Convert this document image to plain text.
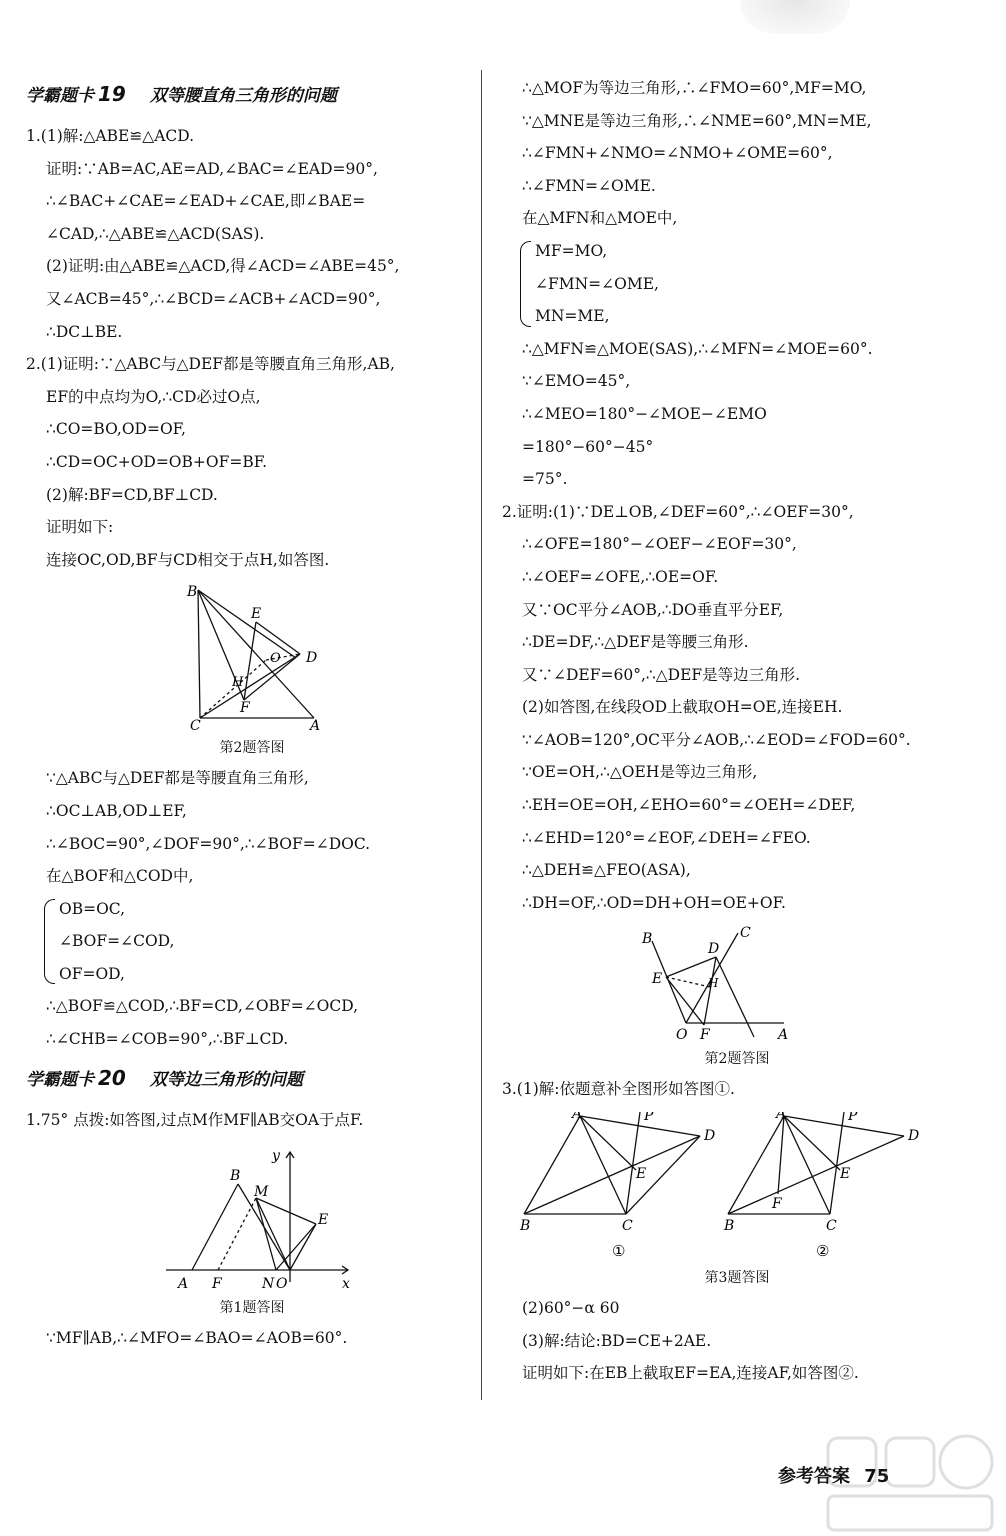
学霸题卡 19 双等腰直角三角形的问题
1.(1)解:△ABE≌△ACD.
证明:∵AB=AC,AE=AD,∠BAC=∠EAD=90°,
∴∠BAC+∠CAE=∠EAD+∠CAE,即∠BAE=
∠CAD,∴△ABE≌△ACD(SAS).
(2)证明:由△ABE≌△ACD,得∠ACD=∠ABE=45°,
又∠ACB=45°,∴∠BCD=∠ACB+∠ACD=90°,
∴DC⊥BE.
2.(1)证明:∵△ABC与△DEF都是等腰直角三角形,AB,
EF的中点均为O,∴CD必过O点,
∴CO=BO,OD=OF,
∴CD=OC+OD=OB+OF=BF.
(2)解:BF=CD,BF⊥CD.
证明如下:
连接OC,OD,BF与CD相交于点H,如答图.
B
E
D
O
H
F
C	A
第2题答图
∵△ABC与△DEF都是等腰直角三角形,
∴OC⊥AB,OD⊥EF,
∴∠BOC=90°,∠DOF=90°,∴∠BOF=∠DOC.
在△BOF和△COD中,
OB=OC,
∠BOF=∠COD,
OF=OD,
∴△BOF≌△COD,∴BF=CD,∠OBF=∠OCD,
∴∠CHB=∠COB=90°,∴BF⊥CD.
学霸题卡 20 双等边三角形的问题
1.75° 点拨:如答图,过点M作MF∥AB交OA于点F.
y
B
M
E
A F	N O	x
第1题答图
∵MF∥AB,∴∠MFO=∠BAO=∠AOB=60°.
∴△MOF为等边三角形,∴∠FMO=60°,MF=MO,
∵△MNE是等边三角形,∴∠NME=60°,MN=ME,
∴∠FMN+∠NMO=∠NMO+∠OME=60°,
∴∠FMN=∠OME.
在△MFN和△MOE中,
MF=MO,
∠FMN=∠OME,
MN=ME,
∴△MFN≌△MOE(SAS),∴∠MFN=∠MOE=60°.
∵∠EMO=45°,
∴∠MEO=180°−∠MOE−∠EMO
=180°−60°−45°
=75°.
2.证明:(1)∵DE⊥OB,∠DEF=60°,∴∠OEF=30°,
∴∠OFE=180°−∠OEF−∠EOF=30°,
∴∠OEF=∠OFE,∴OE=OF.
又∵OC平分∠AOB,∴DO垂直平分EF,
∴DE=DF,∴△DEF是等腰三角形.
又∵∠DEF=60°,∴△DEF是等边三角形.
(2)如答图,在线段OD上截取OH=OE,连接EH.
∵∠AOB=120°,OC平分∠AOB,∴∠EOD=∠FOD=60°.
∵OE=OH,∴△OEH是等边三角形,
∴EH=OE=OH,∠EHO=60°=∠OEH=∠DEF,
∴∠EHD=120°=∠EOF,∠DEH=∠FEO.
∴△DEH≌△FEO(ASA),
∴DH=OF,∴OD=DH+OH=OE+OF.
C
B
D
E	H
O F	A
第2题答图
3.(1)解:依题意补全图形如答图①.
A	P
D
E
B	C
A	P
D
E
F
B	C
①	②
第3题答图
(2)60°−α 60
(3)解:结论:BD=CE+2AE.
证明如下:在EB上截取EF=EA,连接AF,如答图②.
参考答案 75
